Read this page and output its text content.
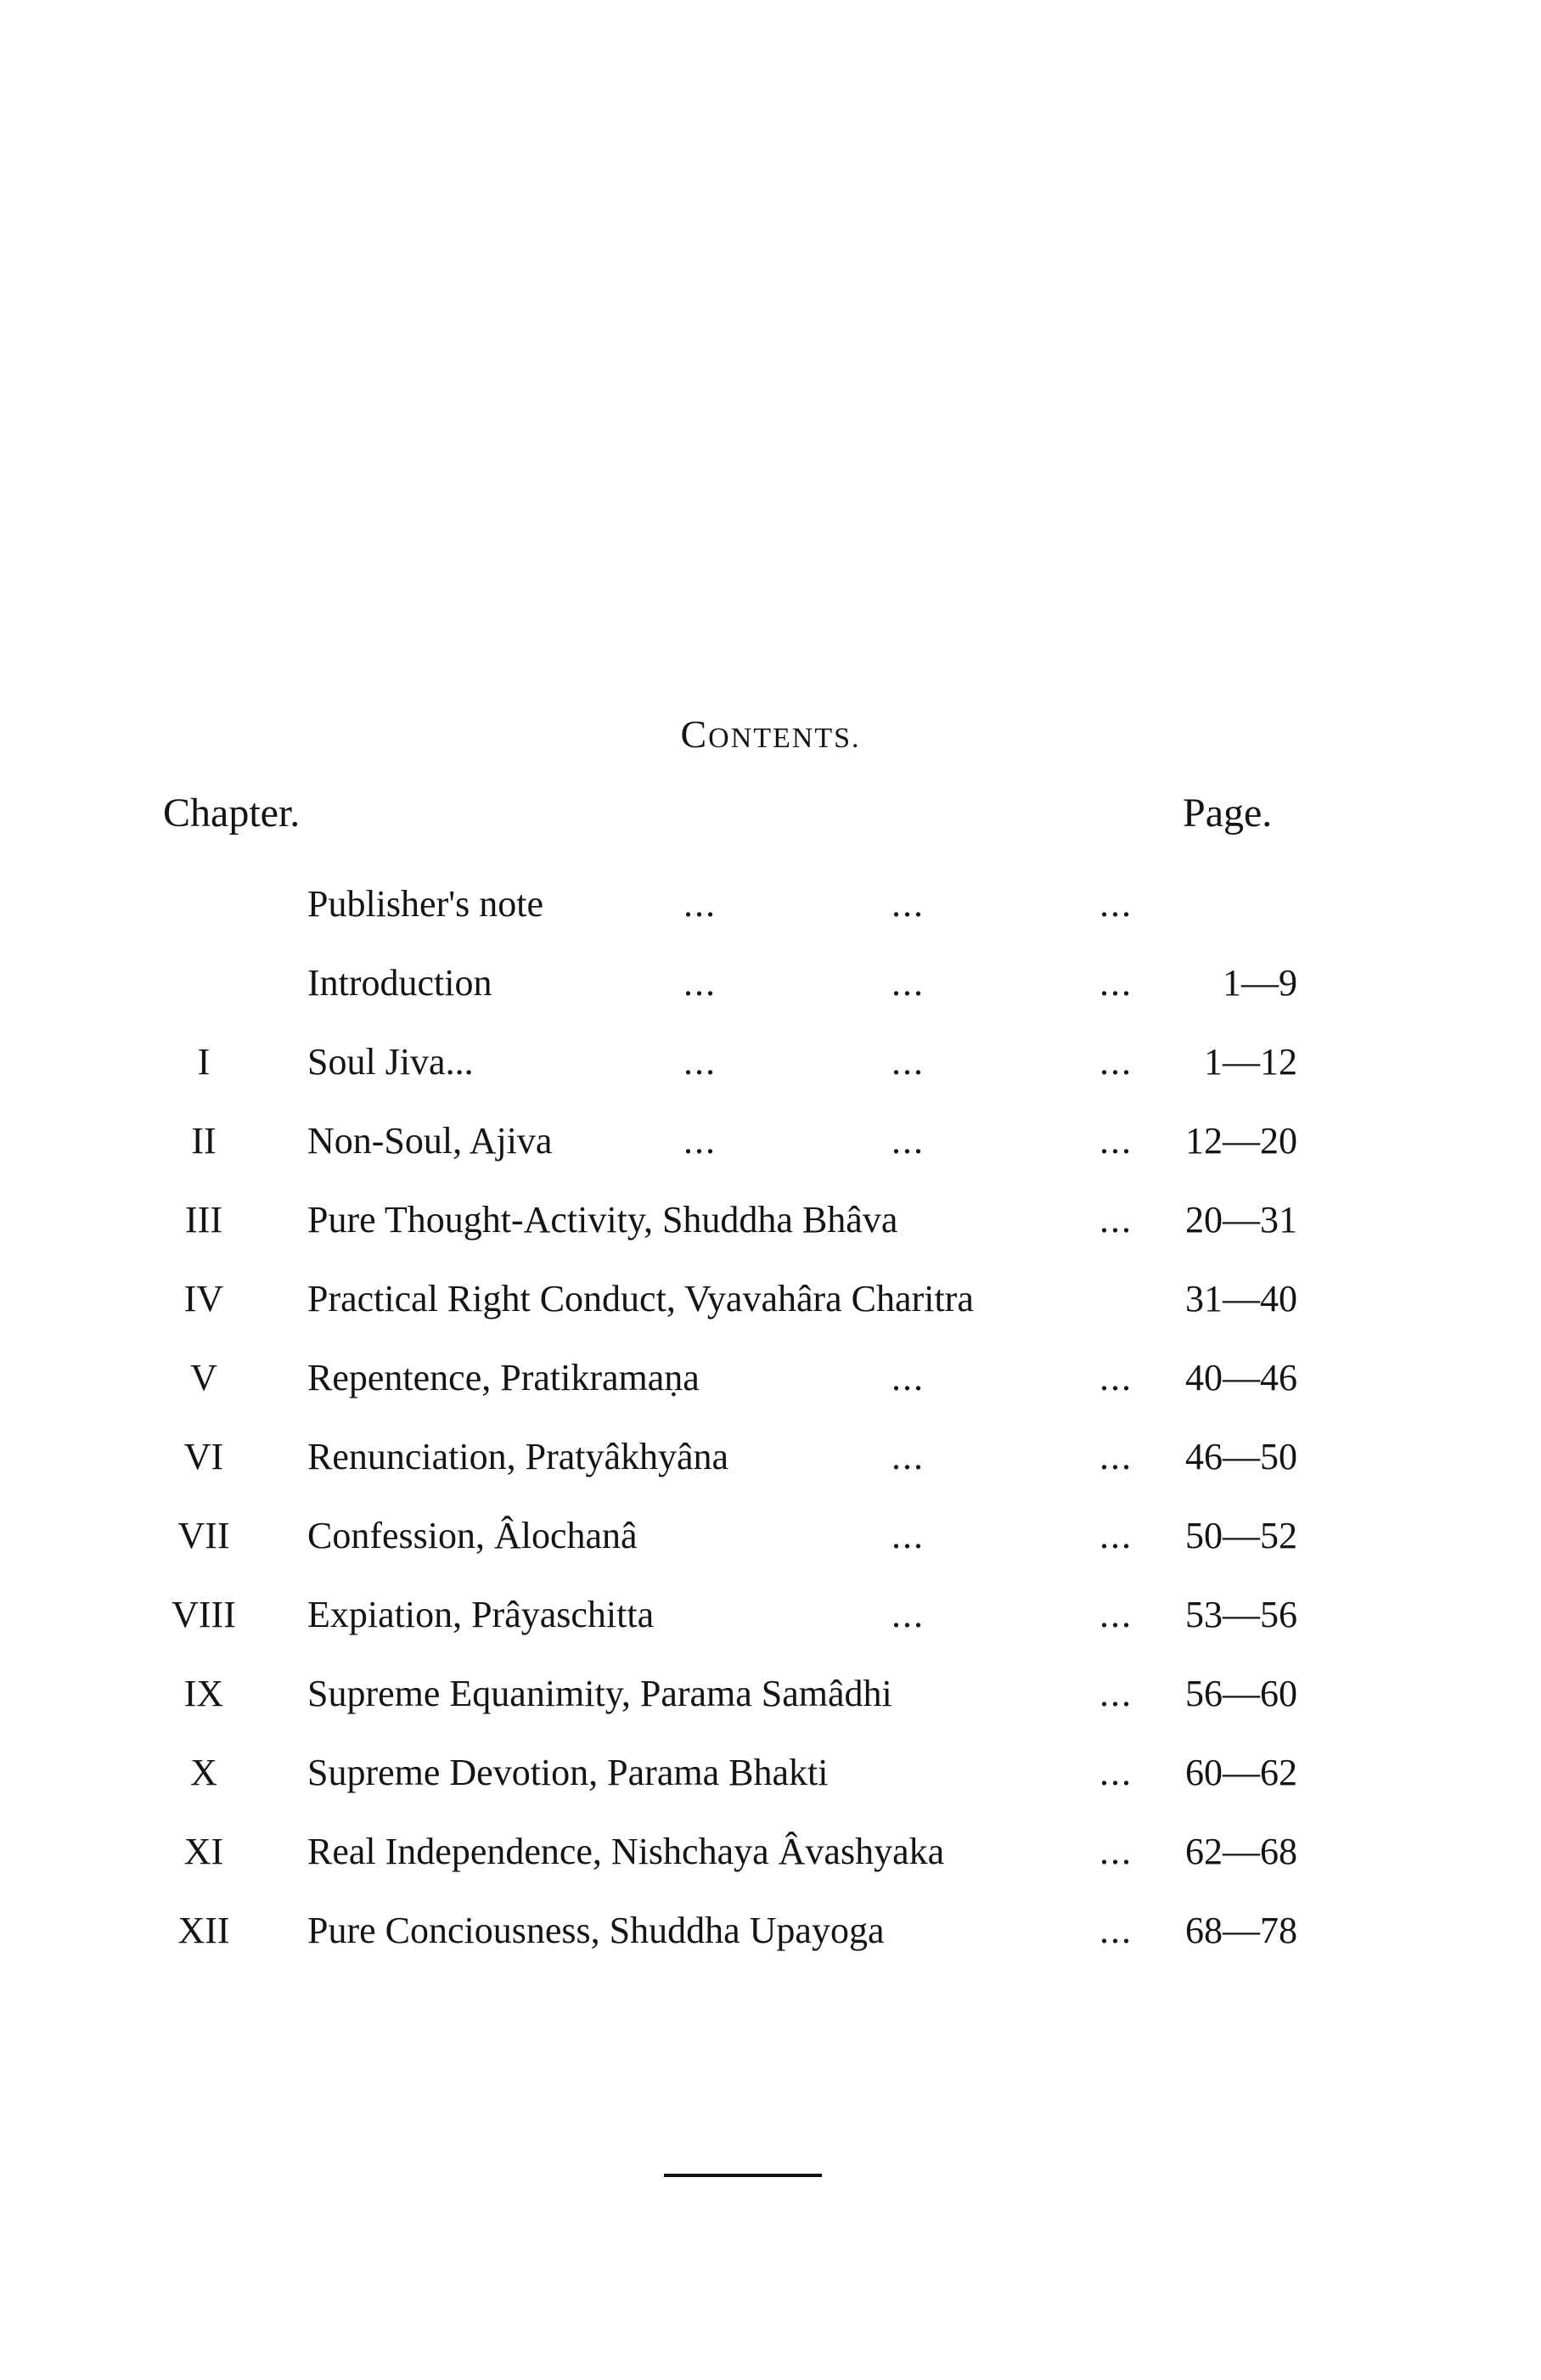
CONTENTS.
Chapter.	Page.
Publisher's note	...	...	...
Introduction	...	...	...	1—9
I	Soul Jiva...	...	...	...	1—12
II	Non-Soul, Ajiva	...	...	...	12—20
III	Pure Thought-Activity, Shuddha Bhâva	...	20—31
IV	Practical Right Conduct, Vyavahâra Charitra	31—40
V	Repentence, Pratikramaṇa	...	...	40—46
VI	Renunciation, Pratyâkhyâna	...	...	46—50
VII	Confession, Âlochanâ	...	...	50—52
VIII	Expiation, Prâyaschitta	...	...	53—56
IX	Supreme Equanimity, Parama Samâdhi	...	56—60
X	Supreme Devotion, Parama Bhakti	...	60—62
XI	Real Independence, Nishchaya Âvashyaka	...	62—68
XII	Pure Conciousness, Shuddha Upayoga	...	68—78
